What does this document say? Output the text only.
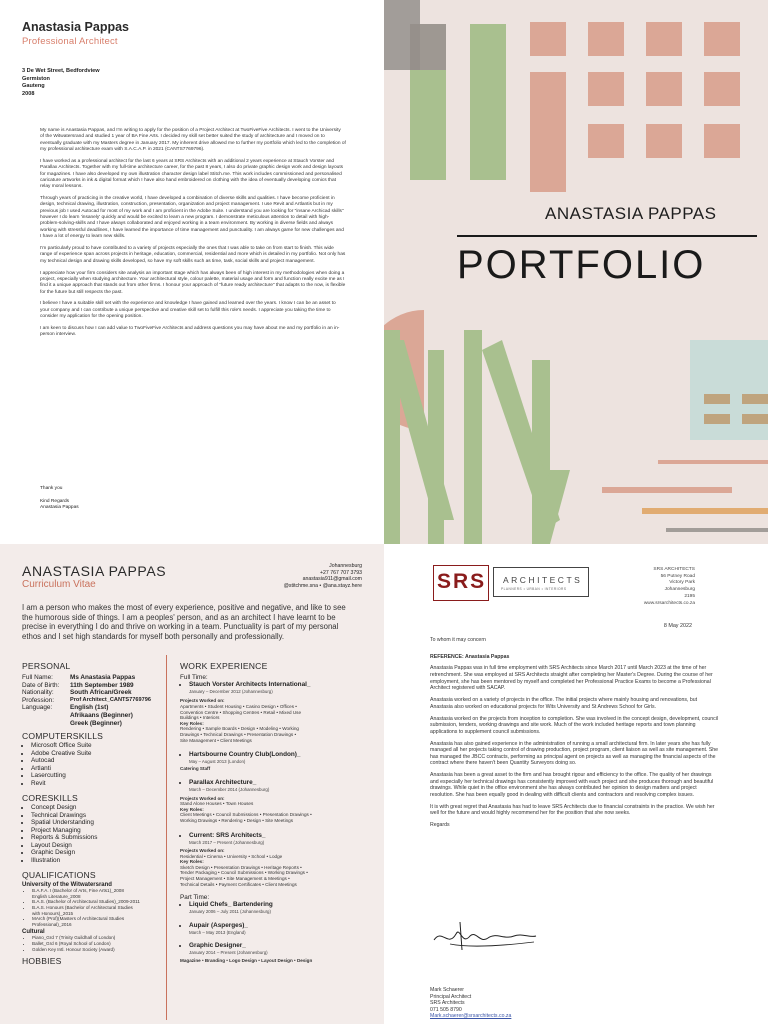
Anastasia Pappas
Professional Architect
3 De Wet Street, Bedfordview
Germiston
Gauteng
2008

My name is Anastasia Pappas, and I'm writing to apply for the position of a Project Architect at TwoFiveFive Architects. I went to the University of the Witwatersrand and studied 1 year of BA Fine Arts. I decided my skill set better suited the study of architecture and I moved on to eventually graduate with my Masters degree in January 2017. My inherent drive allowed me to further my portfolio which led to the completion of my professional architecture exam with S.A.C.A.P. in 2021 (CANTS7769796).

I have worked as a professional architect for the last 6 years at SRS Architects with an additional 2 years experience at Stauch Vorster and Parallax Architects. Together with my full-time architecture career, for the past 8 years, I also do private graphic design work and design layouts for magazines. I have also developed my own illustration character design label Stitch.me. This work includes commissioned and personalised caricature artworks in ink & digital format which I have also hand embroidered on clothing with the idea of eventually developing comics that relay moral lessons.

Through years of practicing in the creative world, I have developed a combination of diverse skills and qualities. I have become proficient in design, technical drawing, illustration, construction, presentation, organization and project management. I use Revit and Artlantis but in my previous job I used Autocad for most of my work and I am proficient in the Adobe Suite. I understand you are looking for "insane Archicad skills" however I do learn 'insanely' quickly and would be excited to learn a new program. I demonstrate meticulous attention to detail with high-problem-solving-skills and I have always collaborated and enjoyed working in a team environment. By working in diverse fields and always working with stressful deadlines, I have learned the importance of time management and punctuality. I am always game for new challenges and I have a lot of energy to learn new skills.

I'm particularly proud to have contributed to a variety of projects especially the ones that I was able to take on from start to finish. This wide range of experience span across projects in heritage, education, commercial, residential and more which is detailed in my portfolio. Not only has my technical design and drawing skills developed, so have my soft skills such as time, task, social skills and project management.

I appreciate how your firm considers site analysis an important stage which has always been of high interest in my methodologies when doing a project, especially when studying architecture. Your architectural style, colour palette, material usage and form and function really excite me as I find it a unique approach that stands out from other firms. I honour your approach of "future ready architecture" that adapts to the now, is flexible for the future but still respects the past.

I believe I have a suitable skill set with the experience and knowledge I have gained and learned over the years. I know I can be an asset to your company and I can contribute a unique perspective and creative skill set to fulfill this role's needs. I appreciate you taking the time to consider my application for the opening position.

I am keen to discuss how I can add value to TwoFiveFive Architects and address questions you may have about me and my portfolio in an in-person interview.

Thank you
Kind Regards
Anastasia Pappas
ANASTASIA PAPPAS
PORTFOLIO
ANASTASIA PAPPAS
Curriculum Vitae
Johannesburg
+27 767 707 3793
anastasia911@gmail.com
@stitchme.sna • @ana.stayz.here
I am a person who makes the most of every experience, positive and negative, and like to see the humorous side of things. I am a peoples' person, and as an architect I have learnt to be precise in everything I do and thrive on working in a team. Punctuality is part of my personal ethos and I set high standards for myself both personally and professionally.
PERSONAL
Full Name:	Ms Anastasia Pappas
Date of Birth:	11th September 1989
Nationality:	South African/Greek
Profession:	Prof Architect_CANTS7769796
Language:	English (1st)
Afrikaans (Beginner)
Greek (Beginner)
COMPUTERSKILLS
• Microsoft Office Suite
• Adobe Creative Suite
• Autocad
• Artlanti
• Lasercutting
• Revit
CORESKILLS
• Concept Design
• Technical Drawings
• Spatial Understanding
• Project Managing
• Reports & Submissions
• Layout Design
• Graphic Design
• Illustration
QUALIFICATIONS
University of the Witwatersrand
• B.A.F.A. I (Bachelor of Arts, Fine Arts1)_2008
English Literature_2008
• B.A.S. (Bachelor of Architectural Studies)_2009-2011
• B.A.S. Honours (Bachelor of Architectural Studies with Honours)_2015
• MArch (Prof)(Masters of Architectural Studies Professional)_2016
Cultural
• Piano_Grd 7 (Trinity Guildhall of London)
• Ballet_Grd 6 (Royal School of London)
• Golden Key Intl. Honour Society (Award)
HOBBIES
WORK EXPERIENCE
Full Time:
• Stauch Vorster Architects International_
January – December 2012 (Johannesburg)
Projects Worked on:
Apartments • Student Housing • Casino Design • Offices •
Convention Centre • Shopping Centres • Retail • Mixed Use
Buildings • Interiors
Key Roles:
Rendering • Sample Boards • Design • Modeling • Working
Drawings • Technical Drawings • Presentation Drawings •
Site Management • Client Meetings
• Hartsbourne Country Club(London)_
May – August 2013 (London)
Catering Staff
• Parallax Architecture_
March – December 2014 (Johannesburg)
Projects Worked on:
Stand Alone Houses • Town Houses
Key Roles:
Client Meetings • Council Submissions • Presentation Drawings •
Working Drawings • Rendering • Design • Site Meetings
• Current: SRS Architects_
March 2017 – Present (Johannesburg)
Projects Worked on:
Residential • Cinema • University • School • Lodge
Key Roles:
Sketch Design • Presentation Drawings • Heritage Reports •
Tender Packaging • Council Submissions • Working Drawings •
Project Management • Site Management & Meetings •
Technical Details • Payment Certificates • Client Meetings
Part Time:
• Liquid Chefs_ Bartendering
January 2006 – July 2011 (Johannesburg)
• Aupair (Asperges)_
March – May 2013 (England)
• Graphic Designer_
January 2014 – Present (Johannesburg)
Magazine • Branding • Logo Design • Layout Design • Design
SRS ARCHITECTS
PLANNERS • URBAN • INTERIORS
SRS ARCHITECTS
56 Putney Road
Victory Park
Johannesburg
2195
www.srsarchitects.co.za
8 May 2022

To whom it may concern

REFERENCE: Anastasia Pappas

Anastasia Pappas was in full time employment with SRS Architects since March 2017 until March 2023 at the time of her retrenchment. She was employed at SRS Architects straight after completing her Master's Degree. During the course of her employment, she has been mentored by myself and completed her Professional Practice Exams to become a Professional Architect registered with SACAP.

Anastasia worked on a variety of projects in the office. The initial projects where mainly housing and renovations, but Anastasia also worked on educational projects for Wits University and St Andrews School for Girls.

Anastasia worked on the projects from inception to completion. She was involved in the concept design, development, council submission, tenders, working drawings and site work. Much of the work included heritage reports and town planning applications to supplement council submissions.

Anastasia has also gained experience in the administration of running a small architectural firm. In later years she has fully managed all her projects taking control of drawing production, project program, client liaison as well as site management. She has managed the JBCC contracts, performing as principal agent on projects as well as managing the financial aspects of the contract where there haven't been Quantity Surveyors doing so.

Anastasia has been a great asset to the firm and has brought rigour and efficiency to the office. The quality of her drawings and especially her technical drawings has consistently improved with each project and she produces thorough and beautiful drawings. While quiet in the office environment she has always contributed her opinion to design matters and project resolution. She has been equally good in dealing with difficult clients and contractors and resolving complex issues.

It is with great regret that Anastasia has had to leave SRS Architects due to financial constraints in the practice. We wish her well for the future and would highly recommend her for the position that she now seeks.

Regards

Mark Schaerer
Principal Architect
SRS Architects
071 505 8790
Mark.schaerer@srsarchitects.co.za
